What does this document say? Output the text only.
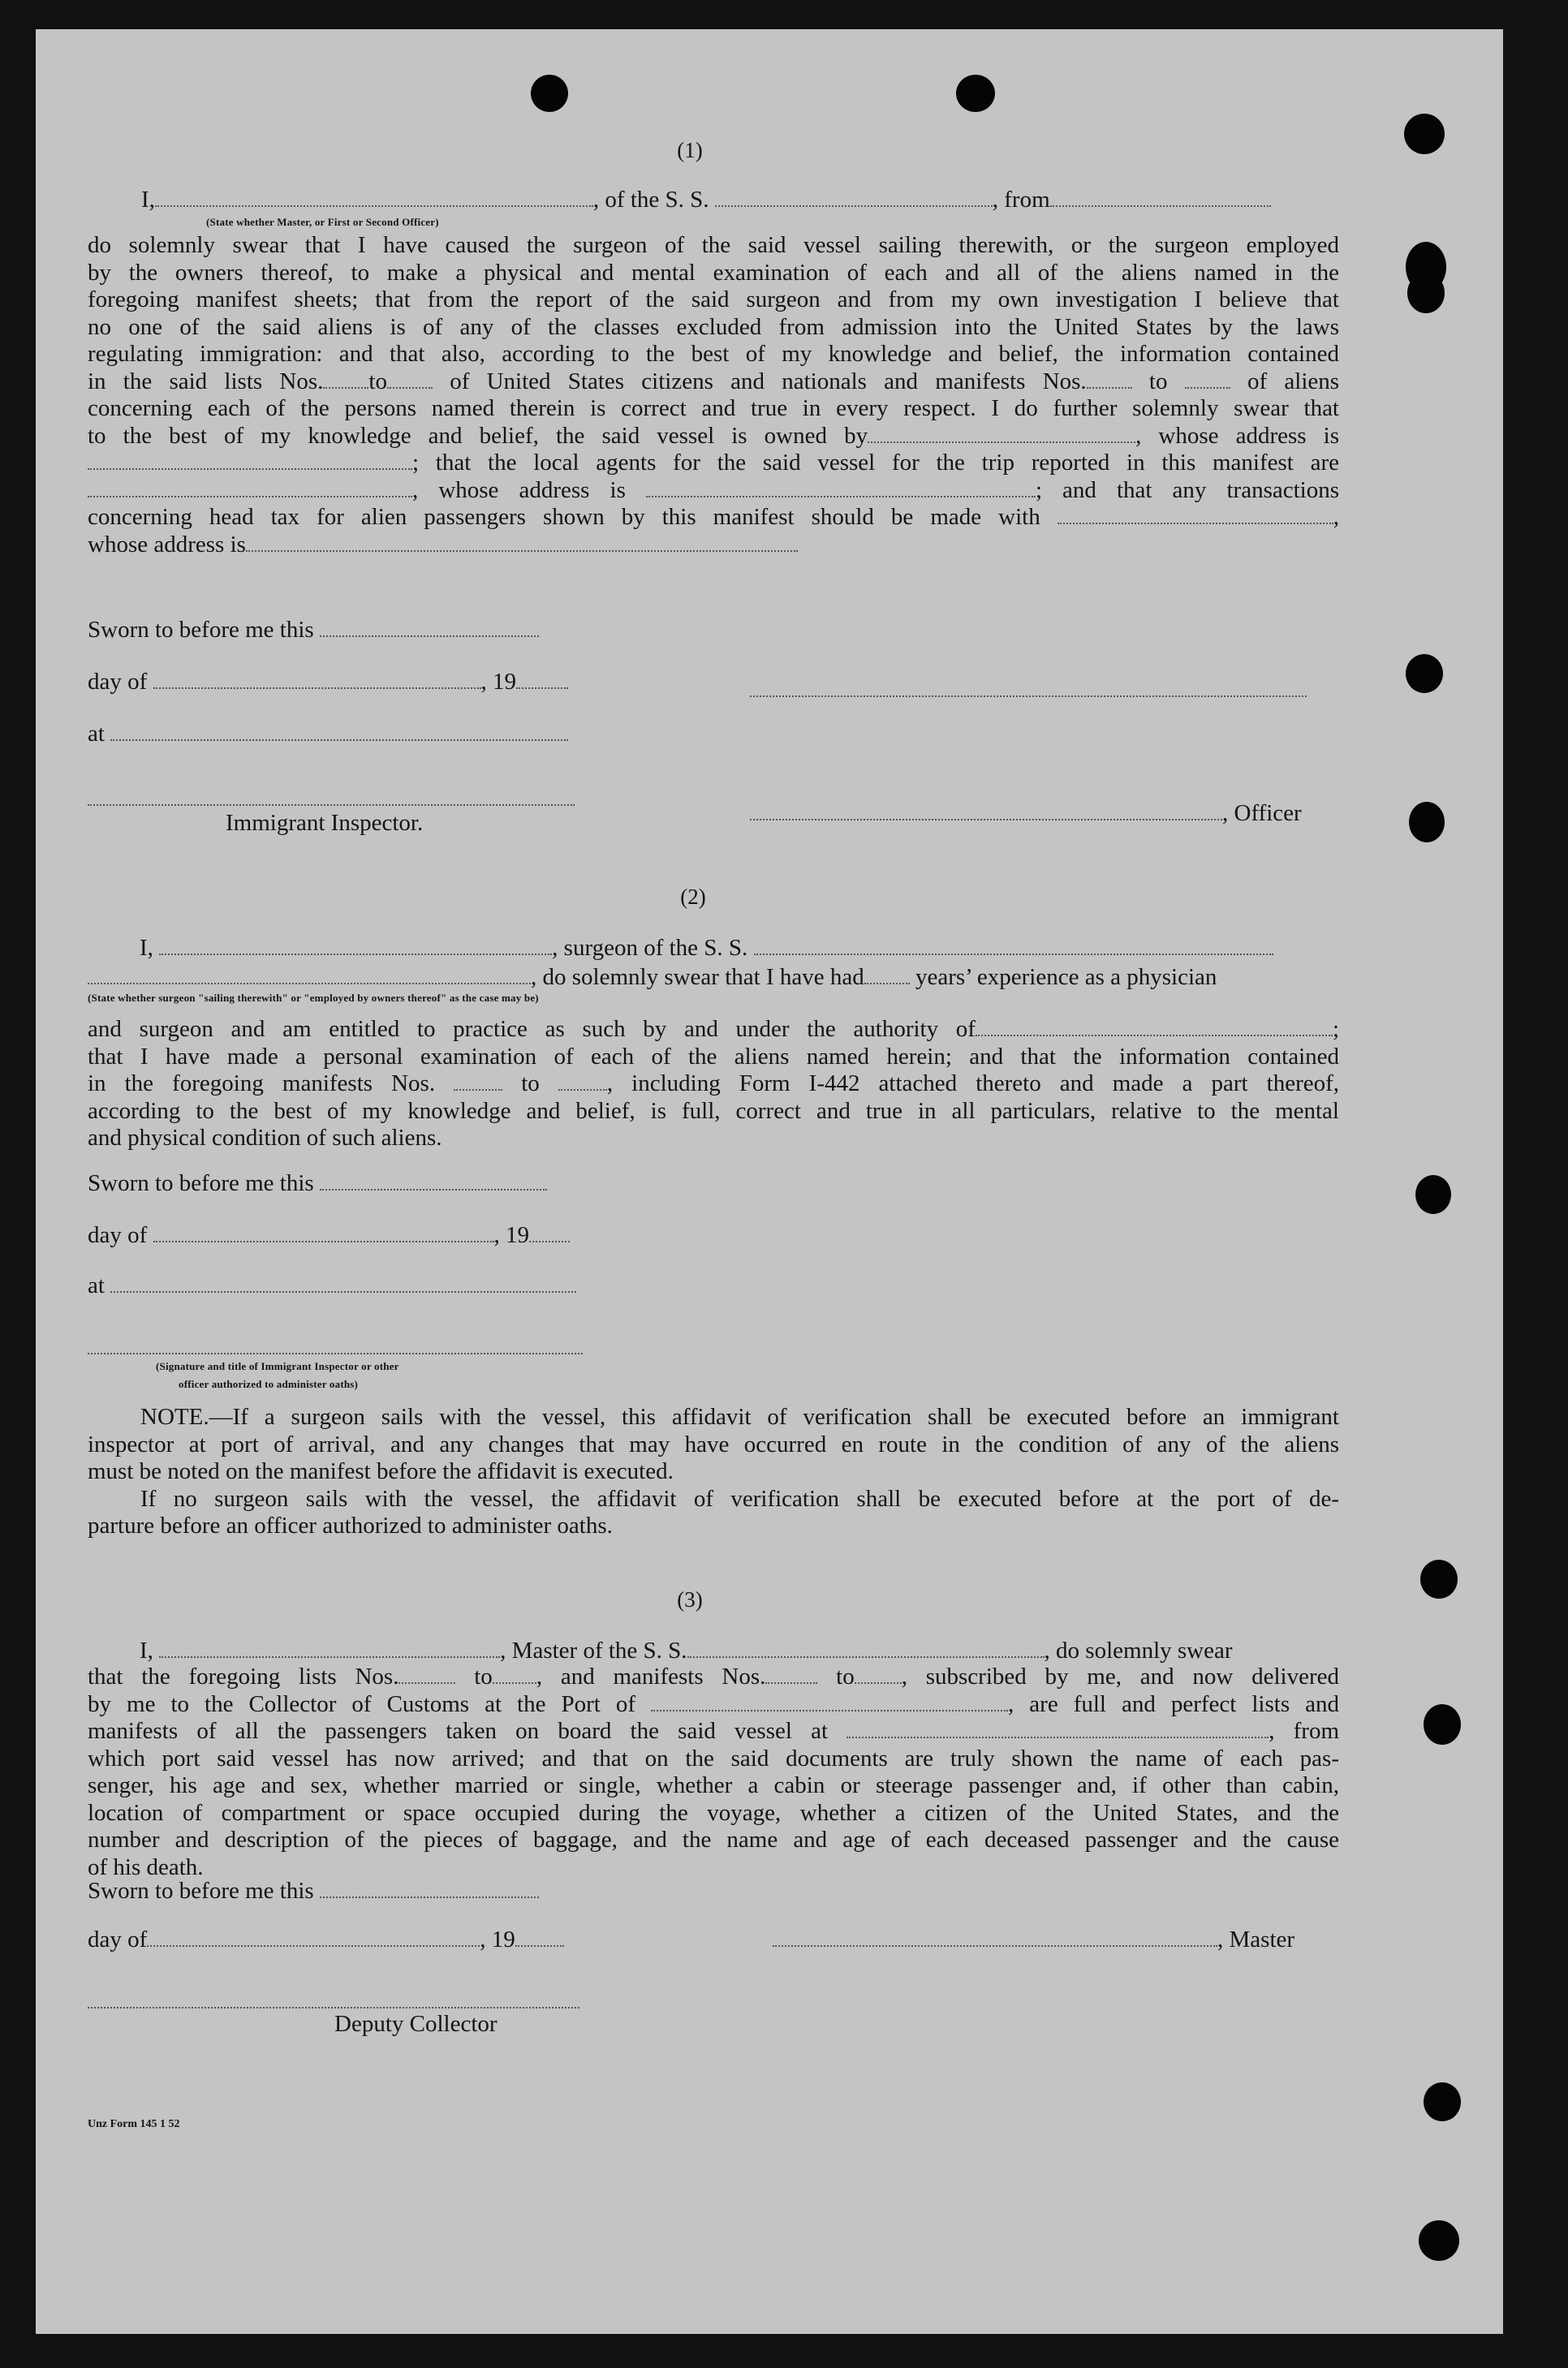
(1)
I,	, of the S. S.	, from
(State whether Master, or First or Second Officer)
do solemnly swear that I have caused the surgeon of the said vessel sailing therewith, or the surgeon employed
by the owners thereof, to make a physical and mental examination of each and all of the aliens named in the
foregoing manifest sheets; that from the report of the said surgeon and from my own investigation I believe that
no one of the said aliens is of any of the classes excluded from admission into the United States by the laws
regulating immigration: and that also, according to the best of my knowledge and belief, the information contained
in the said lists Nos. to	of United States citizens and nationals and manifests Nos.	to	of aliens
concerning each of the persons named therein is correct and true in every respect. I do further solemnly swear that
to the best of my knowledge and belief, the said vessel is owned by	, whose address is
; that the local agents for the said vessel for the trip reported in this manifest are
, whose address is	; and that any transactions
concerning head tax for alien passengers shown by this manifest should be made with	,
whose address is
Sworn to before me this
day of	, 19
at
Immigrant Inspector.	, Officer
(2)
I,	, surgeon of the S. S.
, do solemnly swear that I have had years’ experience as a physician
(State whether surgeon "sailing therewith" or "employed by owners thereof" as the case may be)
and surgeon and am entitled to practice as such by and under the authority of	;
that I have made a personal examination of each of the aliens named herein; and that the information contained
in the foregoing manifests Nos.	to	, including Form I-442 attached thereto and made a part thereof,
according to the best of my knowledge and belief, is full, correct and true in all particulars, relative to the mental
and physical condition of such aliens.
Sworn to before me this
day of	, 19
at
(Signature and title of Immigrant Inspector or other
officer authorized to administer oaths)
NOTE.—If a surgeon sails with the vessel, this affidavit of verification shall be executed before an immigrant
inspector at port of arrival, and any changes that may have occurred en route in the condition of any of the aliens
must be noted on the manifest before the affidavit is executed.
If no surgeon sails with the vessel, the affidavit of verification shall be executed before at the port of de-
parture before an officer authorized to administer oaths.
(3)
I,	, Master of the S. S.	, do solemnly swear
that the foregoing lists Nos.	to , and manifests Nos.	to , subscribed by me, and now delivered
by me to the Collector of Customs at the Port of	, are full and perfect lists and
manifests of all the passengers taken on board the said vessel at	, from
which port said vessel has now arrived; and that on the said documents are truly shown the name of each pas-
senger, his age and sex, whether married or single, whether a cabin or steerage passenger and, if other than cabin,
location of compartment or space occupied during the voyage, whether a citizen of the United States, and the
number and description of the pieces of baggage, and the name and age of each deceased passenger and the cause
of his death.
Sworn to before me this
day of	, 19	, Master
Deputy Collector
Unz Form 145 1 52
